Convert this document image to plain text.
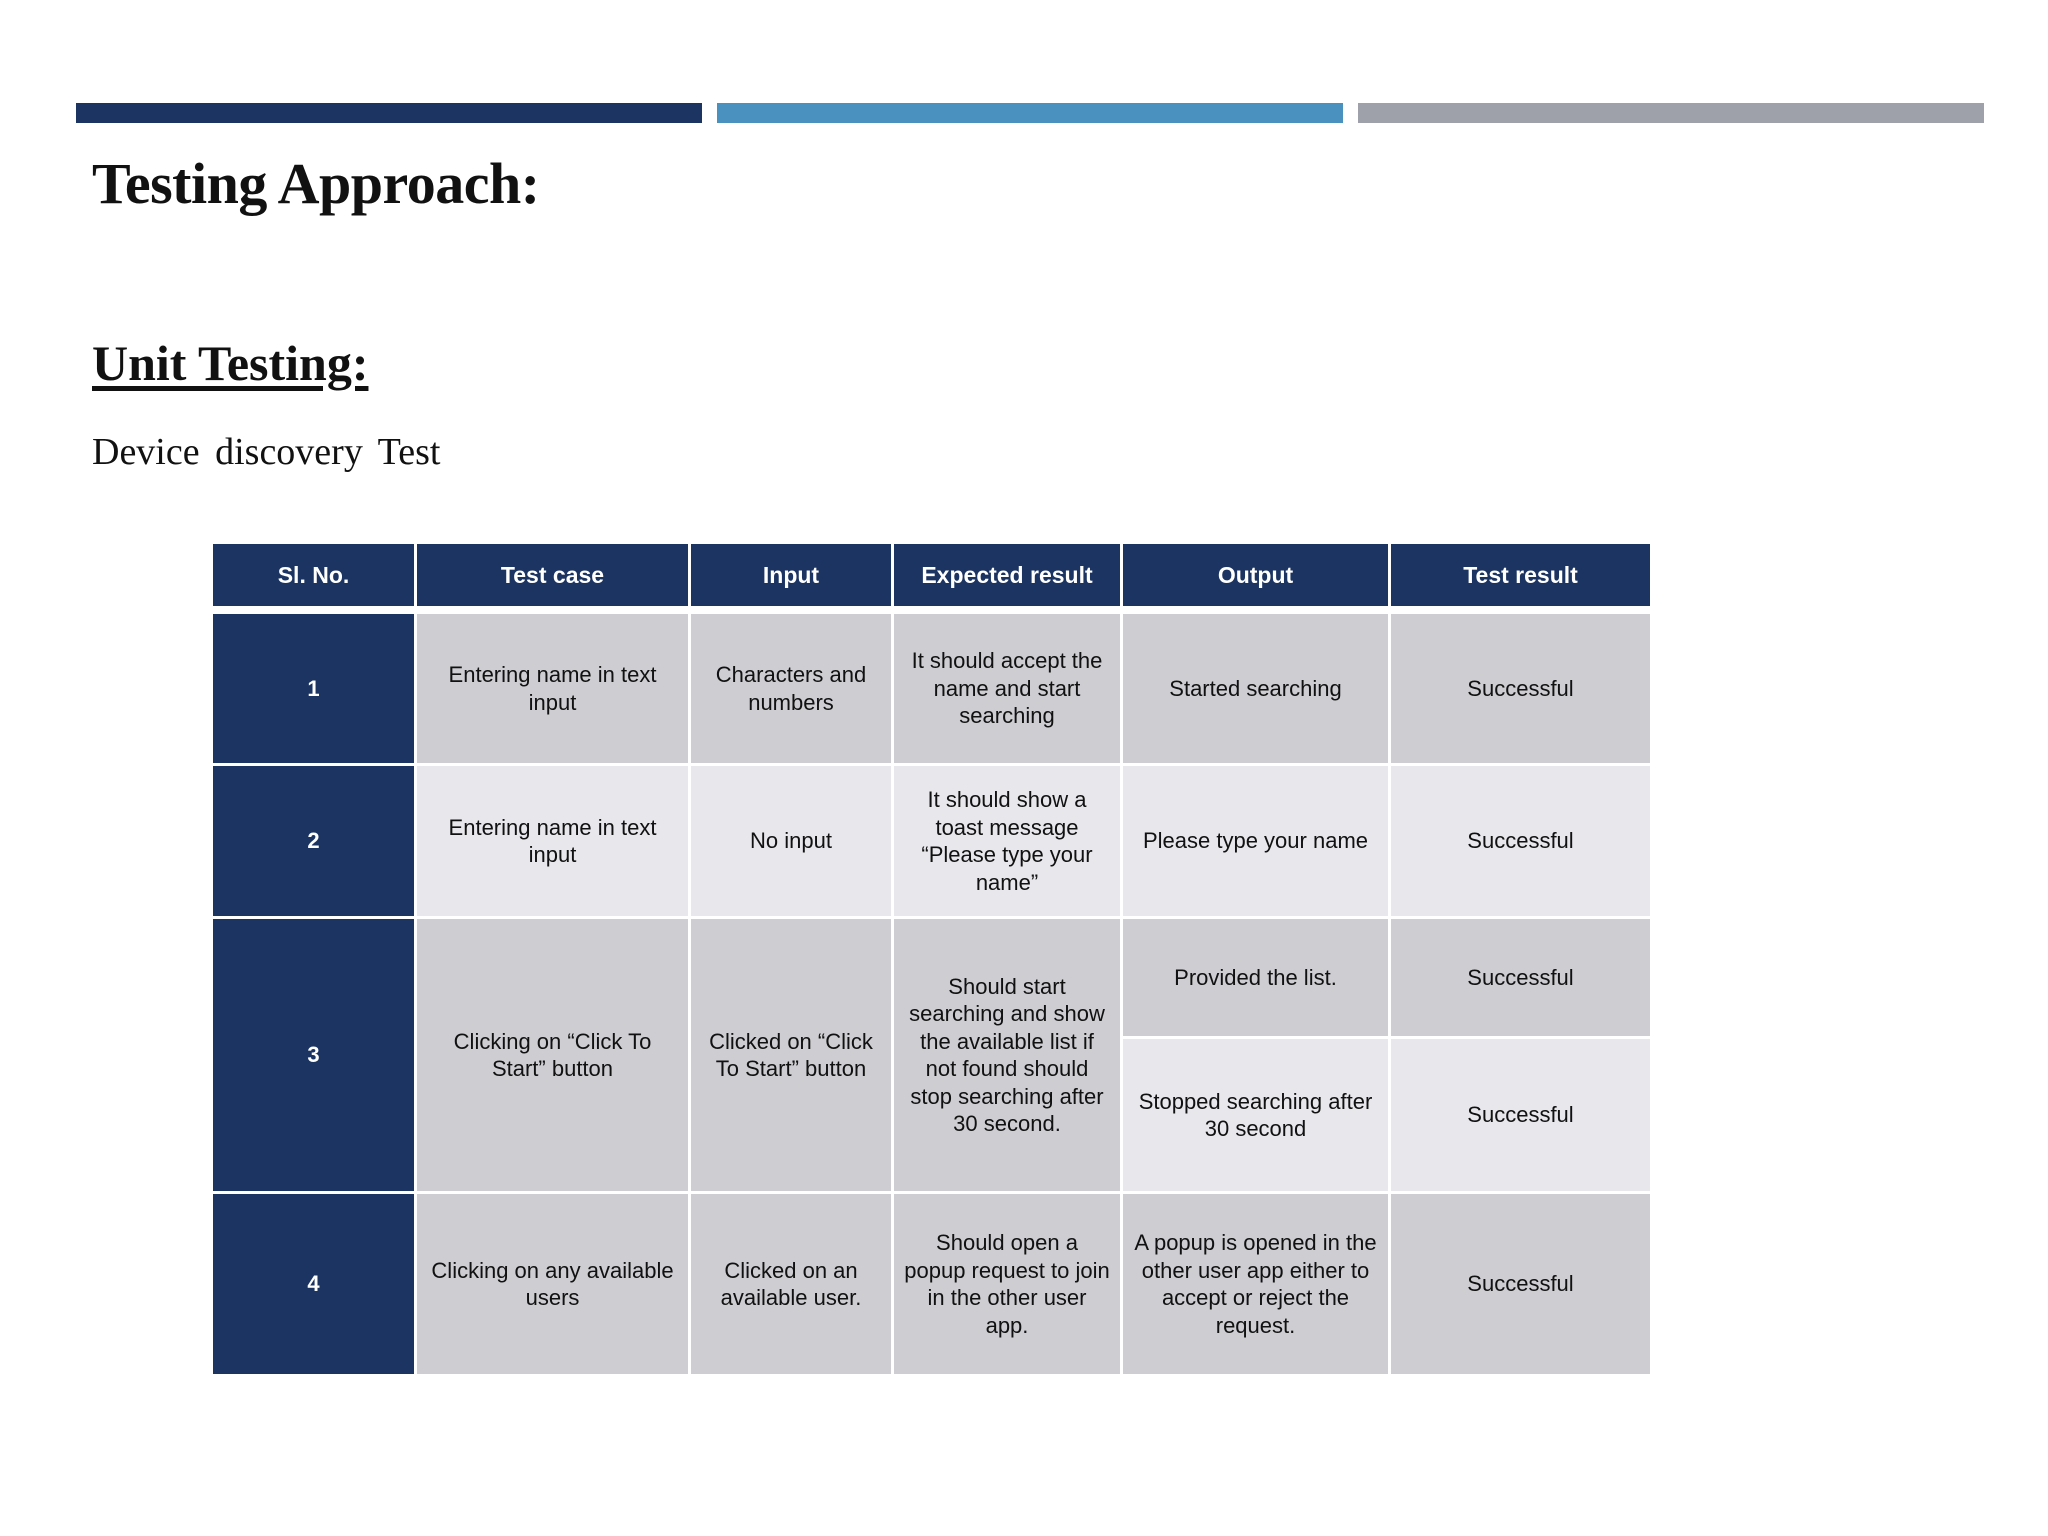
Testing Approach:
Unit Testing:

Device discovery Test

Sl. No.	Test case	Input	Expected result	Output	Test result
1	Entering name in text input	Characters and numbers	It should accept the name and start searching	Started searching	Successful
2	Entering name in text input	No input	It should show a toast message “Please type your name”	Please type your name	Successful
3	Clicking on “Click To Start” button	Clicked on “Click To Start” button	Should start searching and show the available list if not found should stop searching after 30 second.	Provided the list.	Successful
				Stopped searching after 30 second	Successful
4	Clicking on any available users	Clicked on an available user.	Should open a popup request to join in the other user app.	A popup is opened in the other user app either to accept or reject the request.	Successful
